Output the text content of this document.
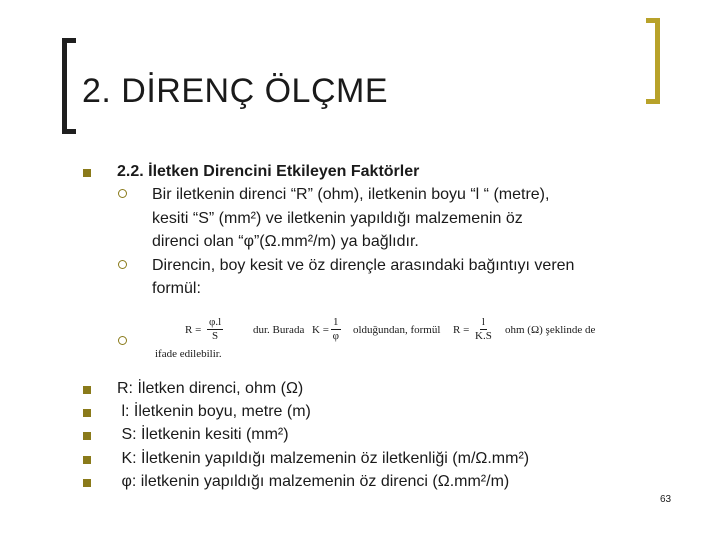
2. DİRENÇ ÖLÇME
2.2. İletken Direncini Etkileyen Faktörler
Bir iletkenin direnci “R” (ohm), iletkenin boyu “l “ (metre),
kesiti “S” (mm²) ve iletkenin yapıldığı malzemenin öz
direnci olan “φ”(Ω.mm²/m) ya bağlıdır.
Direncin, boy kesit ve öz dirençle arasındaki bağıntıyı veren
formül:
$R = \frac{\varphi.l}{S}$	dur. Burada $K = \frac{1}{\varphi}$ olduğundan, formül $R = \frac{l}{K.S}$ ohm (Ω) şeklinde de
ifade edilebilir.
R: İletken direnci, ohm (Ω)
l: İletkenin boyu, metre (m)
S: İletkenin kesiti (mm²)
K: İletkenin yapıldığı malzemenin öz iletkenliği (m/Ω.mm²)
φ: iletkenin yapıldığı malzemenin öz direnci (Ω.mm²/m)
63
